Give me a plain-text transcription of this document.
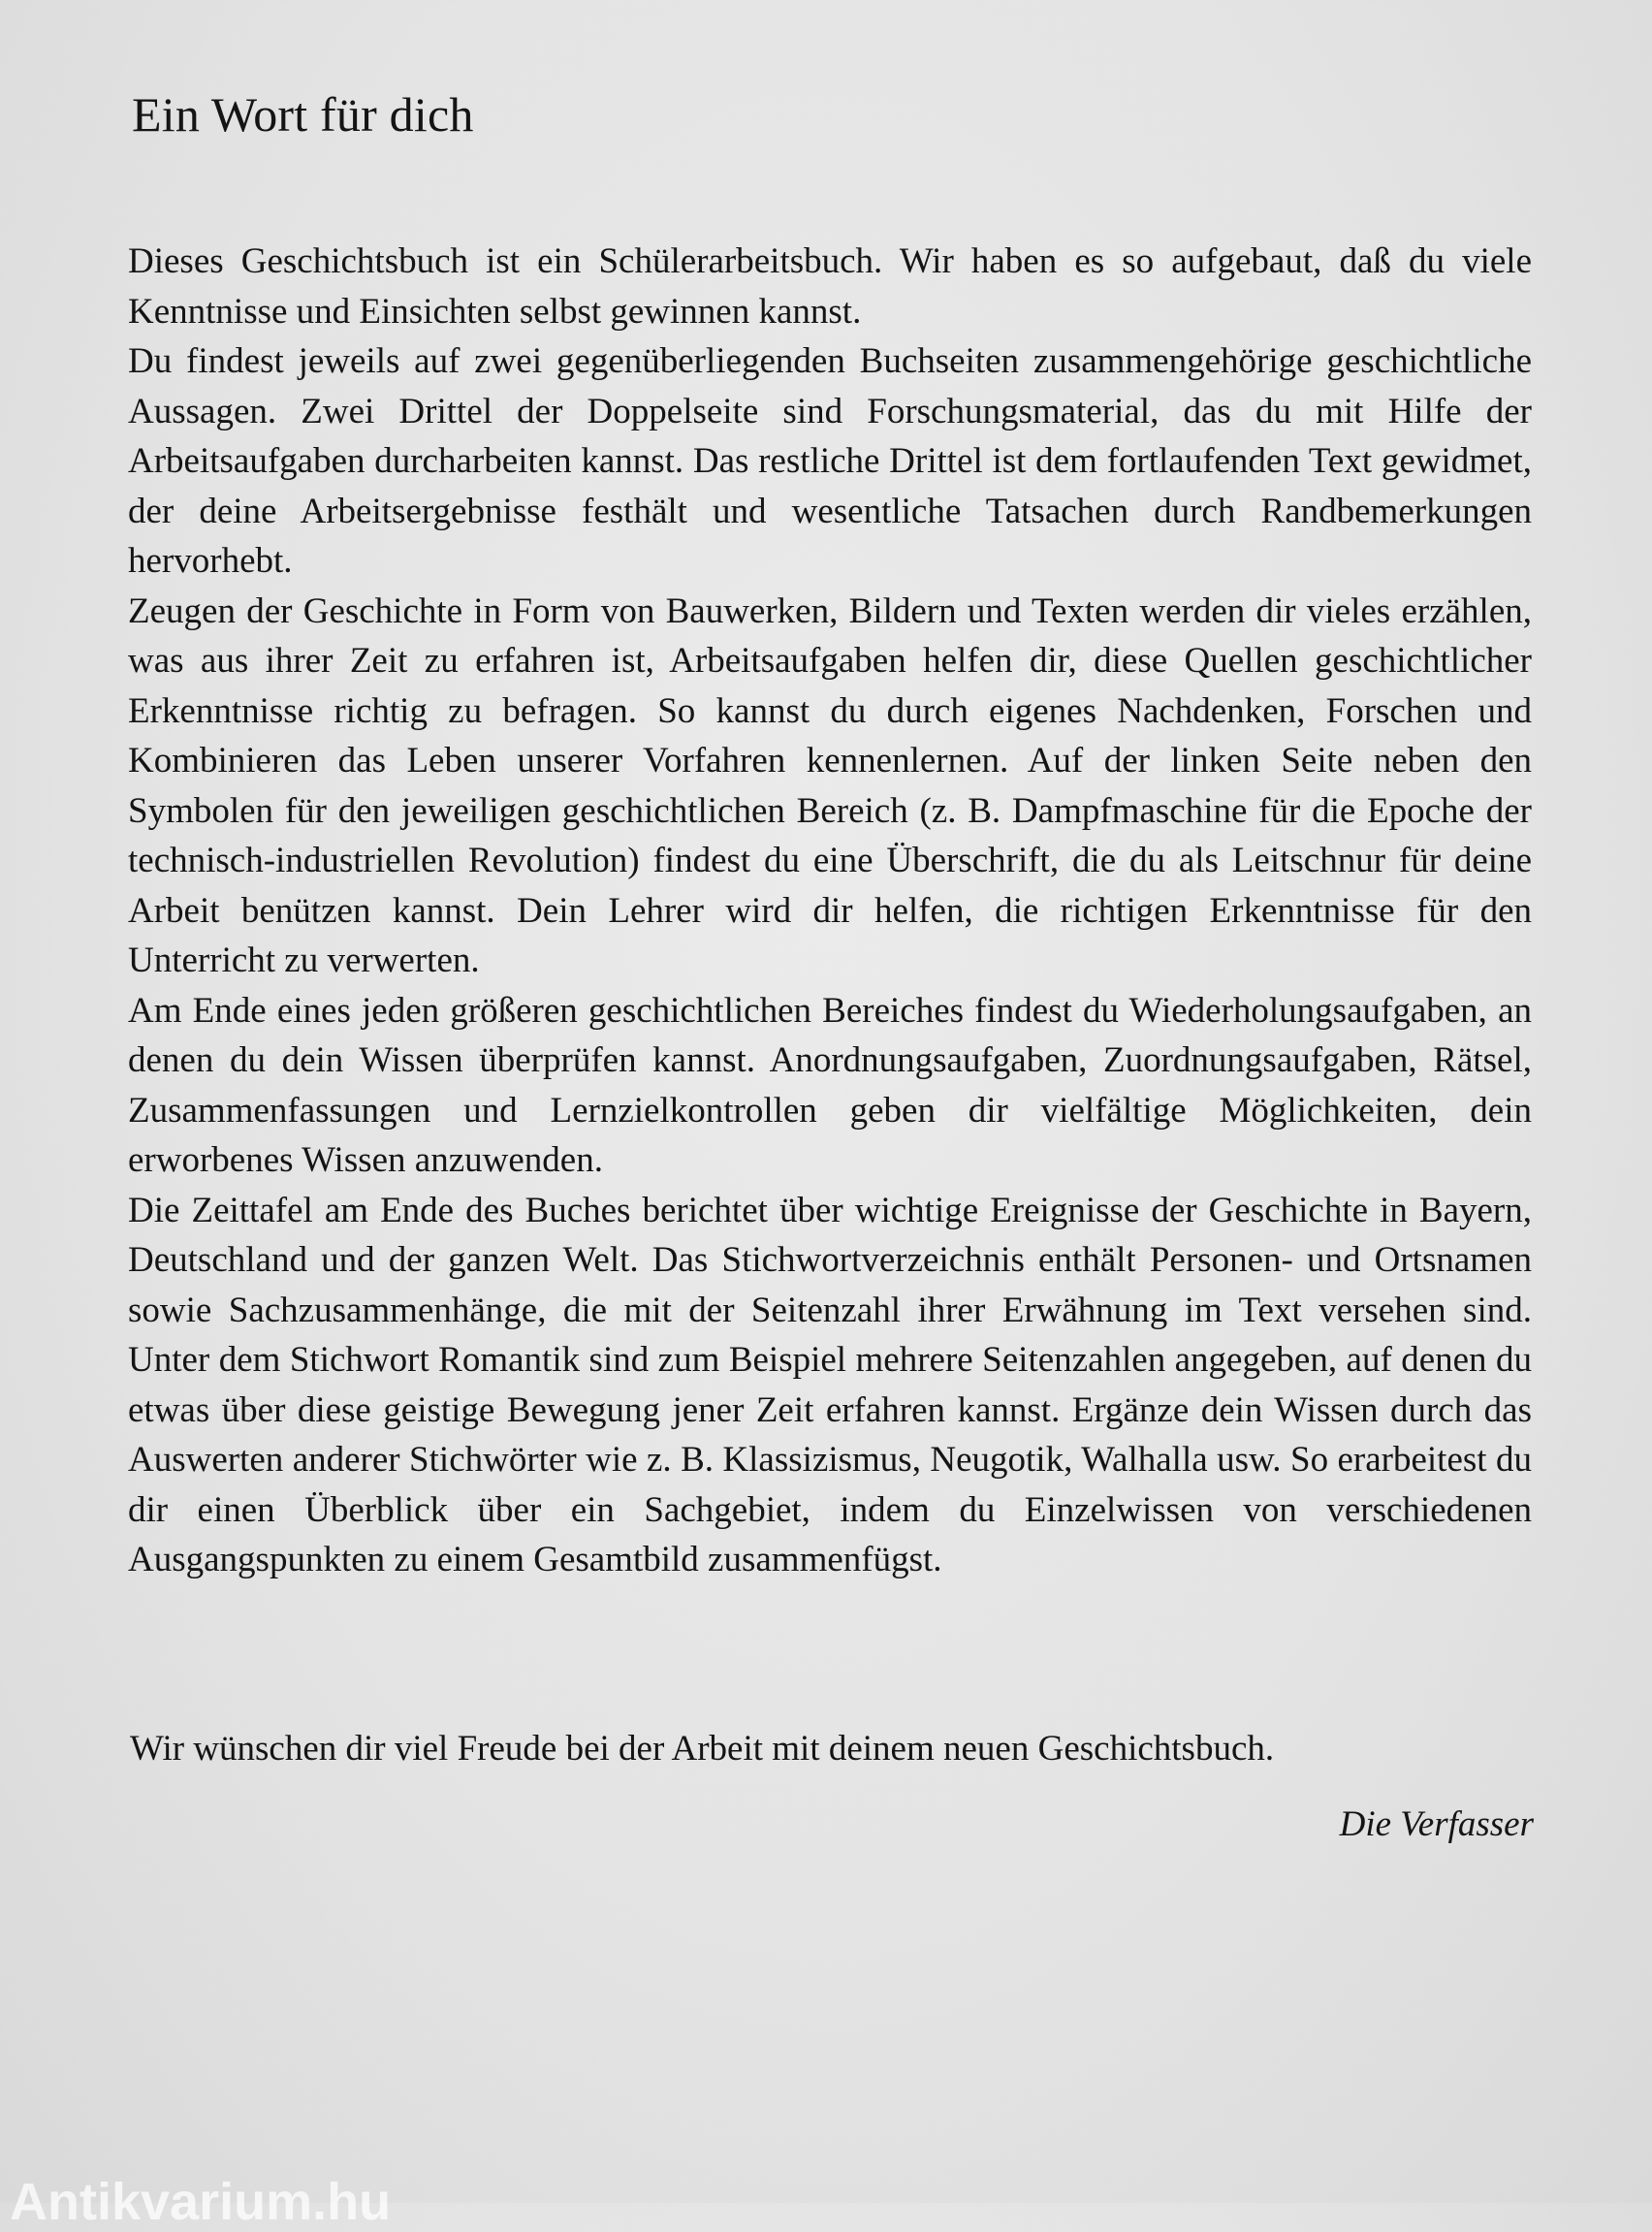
Ein Wort für dich

Dieses Geschichtsbuch ist ein Schülerarbeitsbuch. Wir haben es so aufgebaut, daß du viele Kenntnisse und Einsichten selbst gewinnen kannst.

Du findest jeweils auf zwei gegenüberliegenden Buchseiten zusammengehörige geschichtliche Aussagen. Zwei Drittel der Doppelseite sind Forschungsmaterial, das du mit Hilfe der Arbeitsaufgaben durcharbeiten kannst. Das restliche Drittel ist dem fortlaufenden Text gewidmet, der deine Arbeitsergebnisse festhält und wesentliche Tatsachen durch Randbemerkungen hervorhebt.

Zeugen der Geschichte in Form von Bauwerken, Bildern und Texten werden dir vieles erzählen, was aus ihrer Zeit zu erfahren ist, Arbeitsaufgaben helfen dir, diese Quellen geschichtlicher Erkenntnisse richtig zu befragen. So kannst du durch eigenes Nachdenken, Forschen und Kombinieren das Leben unserer Vorfahren kennenlernen. Auf der linken Seite neben den Symbolen für den jeweiligen geschichtlichen Bereich (z. B. Dampfmaschine für die Epoche der technisch-industriellen Revolution) findest du eine Überschrift, die du als Leitschnur für deine Arbeit benützen kannst. Dein Lehrer wird dir helfen, die richtigen Erkenntnisse für den Unterricht zu verwerten.

Am Ende eines jeden größeren geschichtlichen Bereiches findest du Wiederholungsaufgaben, an denen du dein Wissen überprüfen kannst. Anordnungsaufgaben, Zuordnungsaufgaben, Rätsel, Zusammenfassungen und Lernzielkontrollen geben dir vielfältige Möglichkeiten, dein erworbenes Wissen anzuwenden.

Die Zeittafel am Ende des Buches berichtet über wichtige Ereignisse der Geschichte in Bayern, Deutschland und der ganzen Welt. Das Stichwortverzeichnis enthält Personen- und Ortsnamen sowie Sachzusammenhänge, die mit der Seitenzahl ihrer Erwähnung im Text versehen sind. Unter dem Stichwort Romantik sind zum Beispiel mehrere Seitenzahlen angegeben, auf denen du etwas über diese geistige Bewegung jener Zeit erfahren kannst. Ergänze dein Wissen durch das Auswerten anderer Stichwörter wie z. B. Klassizismus, Neugotik, Walhalla usw. So erarbeitest du dir einen Überblick über ein Sachgebiet, indem du Einzelwissen von verschiedenen Ausgangspunkten zu einem Gesamtbild zusammenfügst.

Wir wünschen dir viel Freude bei der Arbeit mit deinem neuen Geschichtsbuch.

Die Verfasser

Antikvarium.hu
